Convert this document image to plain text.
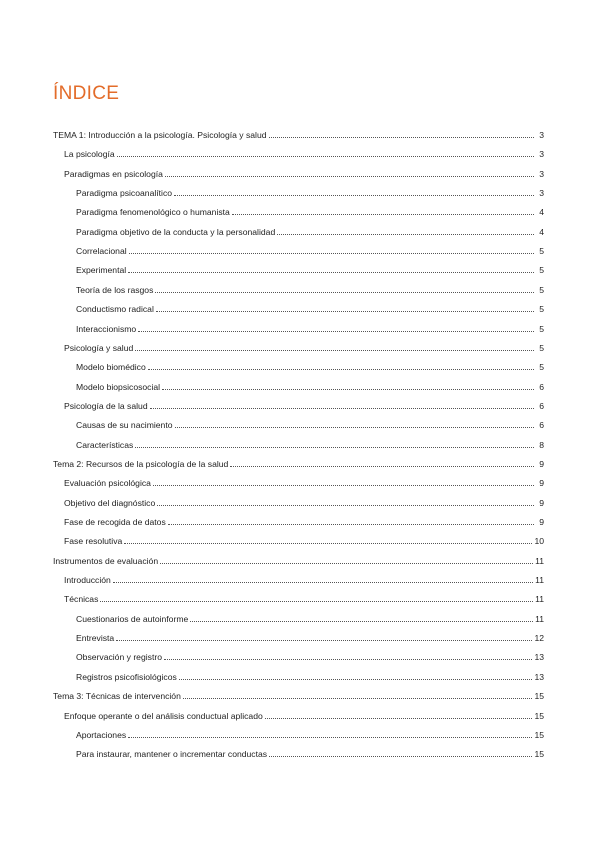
ÍNDICE
TEMA 1: Introducción a la psicología. Psicología y salud	3
La psicología	3
Paradigmas en psicología	3
Paradigma psicoanalítico	3
Paradigma fenomenológico o humanista	4
Paradigma objetivo de la conducta y la personalidad	4
Correlacional	5
Experimental	5
Teoría de los rasgos	5
Conductismo radical	5
Interaccionismo	5
Psicología y salud	5
Modelo biomédico	5
Modelo biopsicosocial	6
Psicología de la salud	6
Causas de su nacimiento	6
Características	8
Tema 2: Recursos de la psicología de la salud	9
Evaluación psicológica	9
Objetivo del diagnóstico	9
Fase de recogida de datos	9
Fase resolutiva	10
Instrumentos de evaluación	11
Introducción	11
Técnicas	11
Cuestionarios de autoinforme	11
Entrevista	12
Observación y registro	13
Registros psicofisiológicos	13
Tema 3: Técnicas de intervención	15
Enfoque operante o del análisis conductual aplicado	15
Aportaciones	15
Para instaurar, mantener o incrementar conductas	15
